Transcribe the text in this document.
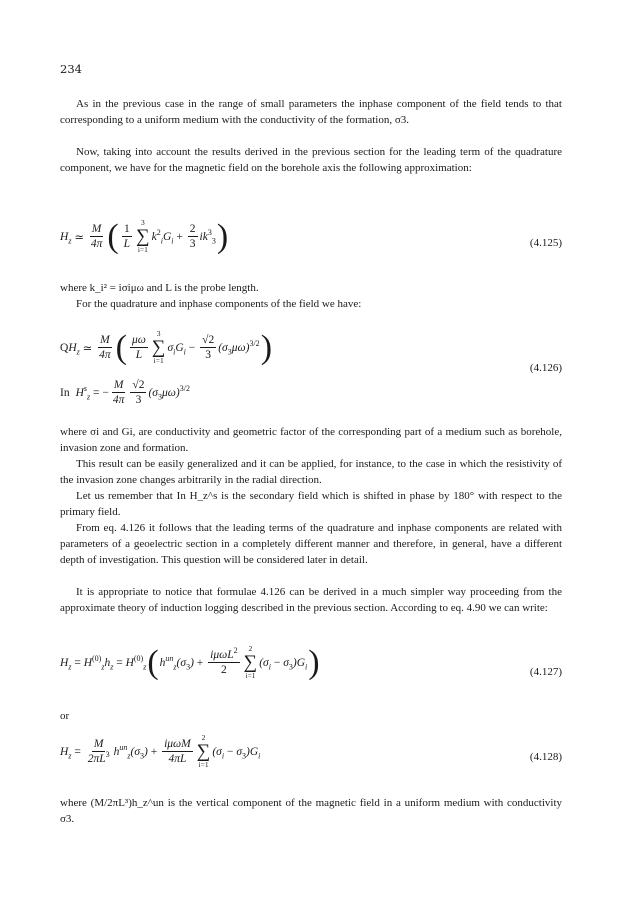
234

As in the previous case in the range of small parameters the inphase component of the field tends to that corresponding to a uniform medium with the conductivity of the formation, σ3.

Now, taking into account the results derived in the previous section for the leading term of the quadrature component, we have for the magnetic field on the borehole axis the following approximation:

$H_z$ ≃ $\frac{M}{4\pi}$ ( $\frac{1}{L} 3$
∑
i=1
$k^2_iG_i + \frac{2}{3} ik^3_3$ )	(4.125)

where k_i² = iσiμω and L is the probe length.

For the quadrature and inphase components of the field we have:

Q $H_z$ ≃ $\frac{M}{4\pi}$ ( $\frac{\mu\omega}{L} 3$
∑
i=1
$\sigma_iG_i - \frac{√2}{3} (\sigma_3\mu\omega)^{3/2}$ )
In $H^s_z$ = − $\frac{M}{4\pi} \frac{√2}{3} (\sigma_3\mu\omega)^{3/2}$
(4.126)

where σi and Gi, are conductivity and geometric factor of the corresponding part of a medium such as borehole, invasion zone and formation.

This result can be easily generalized and it can be applied, for instance, to the case in which the resistivity of the invasion zone changes arbitrarily in the radial direction.

Let us remember that In H_z^s is the secondary field which is shifted in phase by 180° with respect to the primary field.

From eq. 4.126 it follows that the leading terms of the quadrature and inphase components are related with parameters of a geoelectric section in a completely different manner and therefore, in general, have a different depth of investigation. This question will be considered later in detail.

It is appropriate to notice that formulae 4.126 can be derived in a much simpler way proceeding from the approximate theory of induction logging described in the previous section. According to eq. 4.90 we can write:

$H_z = H^{(0)}_zh_z = H^{(0)}_z$ ( $h^{un}_z(\sigma_3) + \frac{i\mu\omega L^2}{2} 2$
∑
i=1
$(\sigma_i - \sigma_3)G_i$ )	(4.127)

or

$H_z = \frac{M}{2\pi L^3} h^{un}_z(\sigma_3) + \frac{\text{iμωM}}{4\pi L} 2$
∑
i=1
$(\sigma_i - \sigma_3)G_i$	(4.128)

where (M/2πL³)h_z^un is the vertical component of the magnetic field in a uniform medium with conductivity σ3.
